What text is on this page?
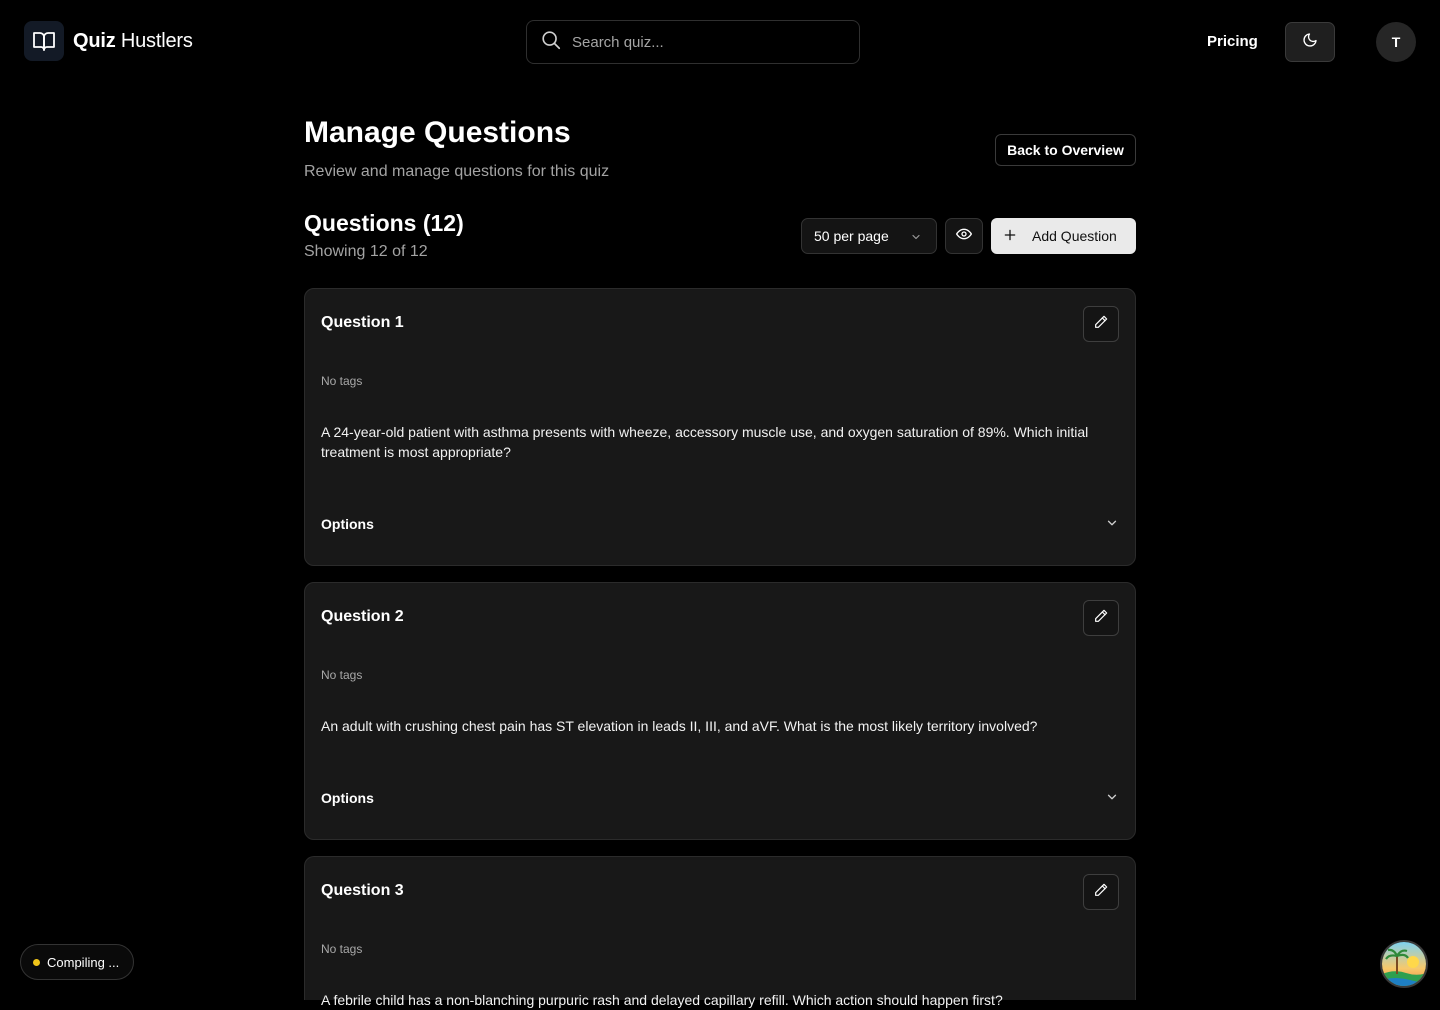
Quiz Hustlers
Search quiz...	Pricing	T
Manage Questions

Review and manage questions for this quiz

Back to Overview
Questions (12)

Showing 12 of 12

50 per page	Add Question
Question 1
No tags
A 24-year-old patient with asthma presents with wheeze, accessory muscle use, and oxygen saturation of 89%. Which initial treatment is most appropriate?
Options
Question 2
No tags
An adult with crushing chest pain has ST elevation in leads II, III, and aVF. What is the most likely territory involved?
Options
Question 3
No tags
A febrile child has a non-blanching purpuric rash and delayed capillary refill. Which action should happen first?
Compiling ...
